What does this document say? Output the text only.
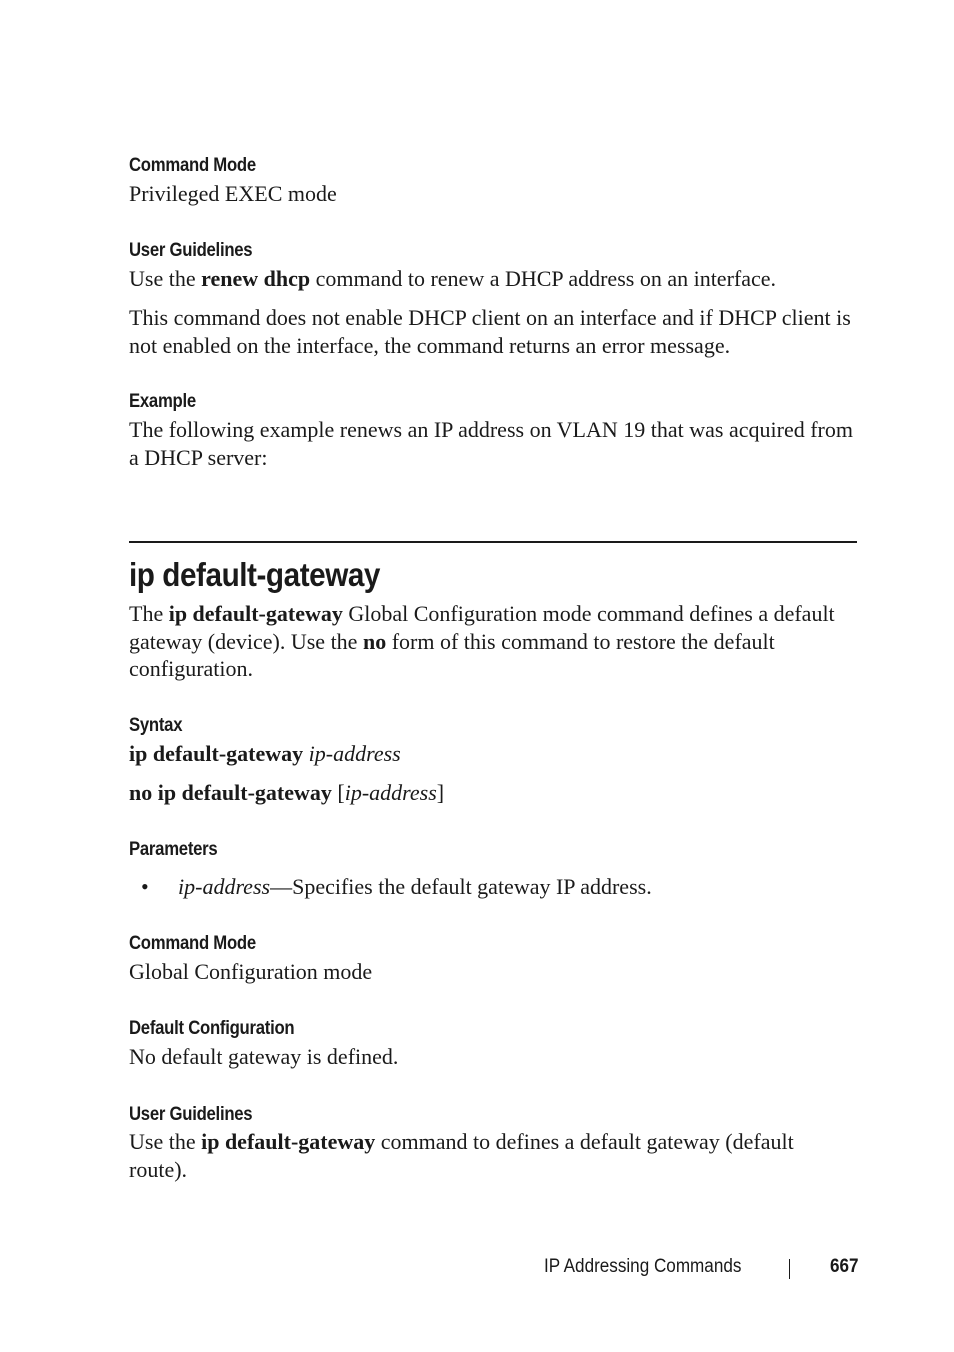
Command Mode

Privileged EXEC mode

User Guidelines

Use the renew dhcp command to renew a DHCP address on an interface.

This command does not enable DHCP client on an interface and if DHCP client is not enabled on the interface, the command returns an error message.

Example

The following example renews an IP address on VLAN 19 that was acquired from a DHCP server:

ip default-gateway

The ip default-gateway Global Configuration mode command defines a default gateway (device). Use the no form of this command to restore the default configuration.

Syntax

ip default-gateway ip-address

no ip default-gateway [ip-address]

Parameters
• ip-address—Specifies the default gateway IP address.

Command Mode

Global Configuration mode

Default Configuration

No default gateway is defined.

User Guidelines

Use the ip default-gateway command to defines a default gateway (default route).

IP Addressing Commands	667
